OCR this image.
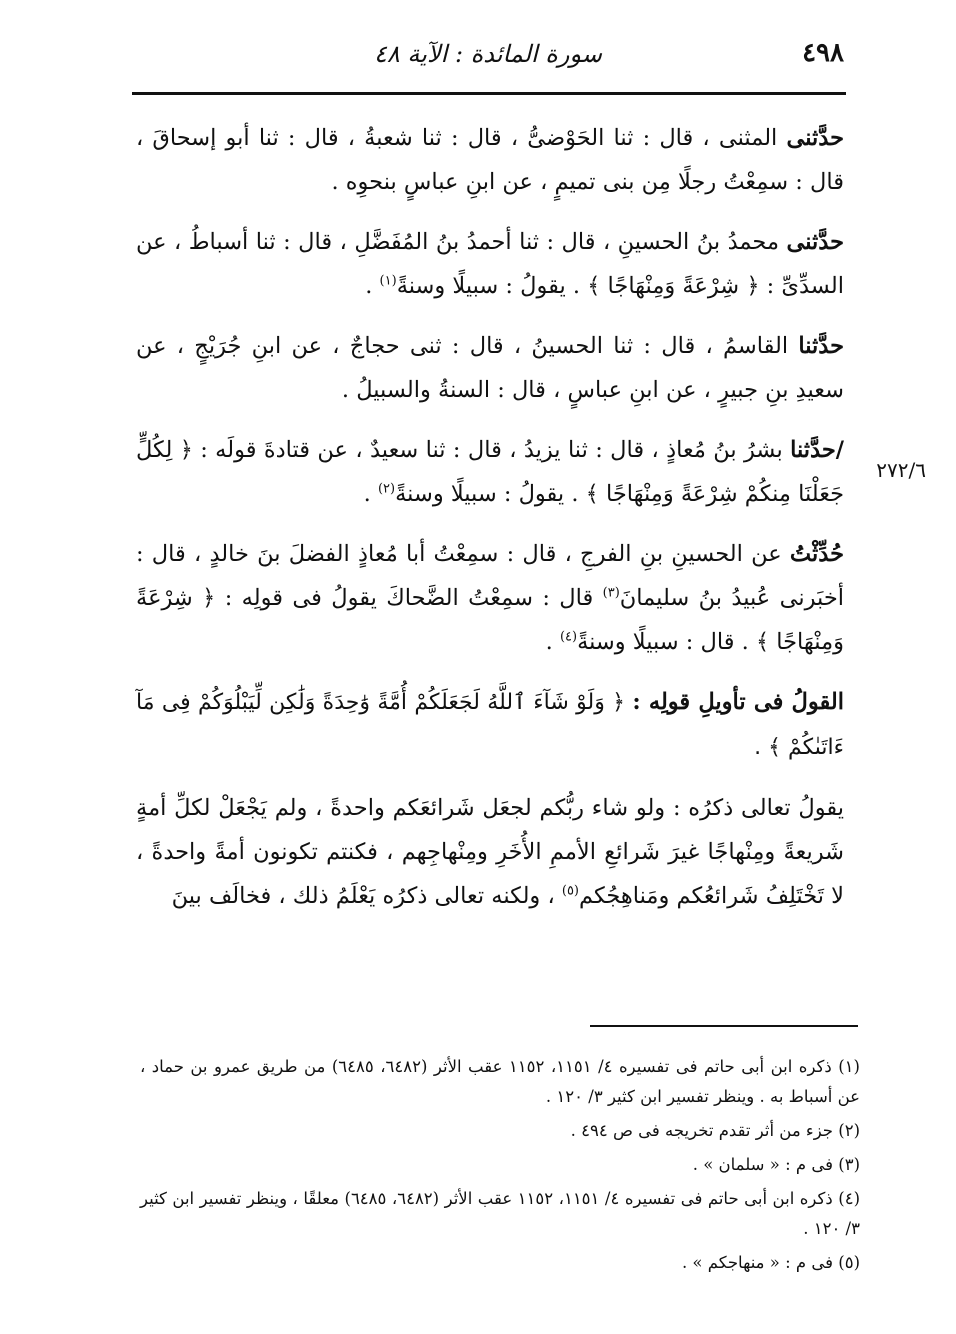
٤٩٨
سورة المائدة : الآية ٤٨
٢٧٢/٦

حدَّثنى المثنى ، قال : ثنا الحَوْضىُّ ، قال : ثنا شعبةُ ، قال : ثنا أبو إسحاقَ ، قال : سمِعْتُ رجلًا مِن بنى تميمٍ ، عن ابنِ عباسٍ بنحوِه .

حدَّثنى محمدُ بنُ الحسينِ ، قال : ثنا أحمدُ بنُ المُفَضَّلِ ، قال : ثنا أسباطُ ، عن السدِّىِّ : ﴿ شِرْعَةً وَمِنْهَاجًا ﴾ . يقولُ : سبيلًا وسنةً$^{(١)}$ .

حدَّثنا القاسمُ ، قال : ثنا الحسينُ ، قال : ثنى حجاجٌ ، عن ابنِ جُرَيْجٍ ، عن سعيدِ بنِ جبيرٍ ، عن ابنِ عباسٍ ، قال : السنةُ والسبيلُ .

/حدَّثنا بشرُ بنُ مُعاذٍ ، قال : ثنا يزيدُ ، قال : ثنا سعيدٌ ، عن قتادةَ قولَه : ﴿ لِكُلٍّ جَعَلْنَا مِنكُمْ شِرْعَةً وَمِنْهَاجًا ﴾ . يقولُ : سبيلًا وسنةً$^{(٢)}$ .

حُدِّثْتُ عن الحسينِ بنِ الفرجِ ، قال : سمِعْتُ أبا مُعاذٍ الفضلَ بنَ خالدٍ ، قال : أخبَرنى عُبيدُ بنُ سليمانَ$^{(٣)}$ قال : سمِعْتُ الضَّحاكَ يقولُ فى قولِه : ﴿ شِرْعَةً وَمِنْهَاجًا ﴾ . قال : سبيلًا وسنةً$^{(٤)}$ .

القولُ فى تأويلِ قولِه : ﴿ وَلَوْ شَآءَ ٱللَّهُ لَجَعَلَكُمْ أُمَّةً وَٰحِدَةً وَلَٰكِن لِّيَبْلُوَكُمْ فِى مَآ ءَاتَىٰكُمْ ﴾ .

يقولُ تعالى ذكرُه : ولو شاء ربُّكم لجعَل شَرائعَكم واحدةً ، ولم يَجْعَلْ لكلِّ أمةٍ شَريعةً ومِنْهاجًا غيرَ شَرائعِ الأممِ الأُخَرِ ومِنْهاجِهم ، فكنتم تكونون أمةً واحدةً ، لا تَخْتَلِفُ شَرائعُكم ومَناهِجُكم$^{(٥)}$ ، ولكنه تعالى ذكرُه يَعْلَمُ ذلك ، فخالَف بينَ

(١) ذكره ابن أبى حاتم فى تفسيره ٤/ ١١٥١، ١١٥٢ عقب الأثر (٦٤٨٢، ٦٤٨٥) من طريق عمرو بن حماد ، عن أسباط به . وينظر تفسير ابن كثير ٣/ ١٢٠ .

(٢) جزء من أثر تقدم تخريجه فى ص ٤٩٤ .

(٣) فى م : « سلمان » .

(٤) ذكره ابن أبى حاتم فى تفسيره ٤/ ١١٥١، ١١٥٢ عقب الأثر (٦٤٨٢، ٦٤٨٥) معلقًا ، وينظر تفسير ابن كثير ٣/ ١٢٠ .

(٥) فى م : « منهاجكم » .
